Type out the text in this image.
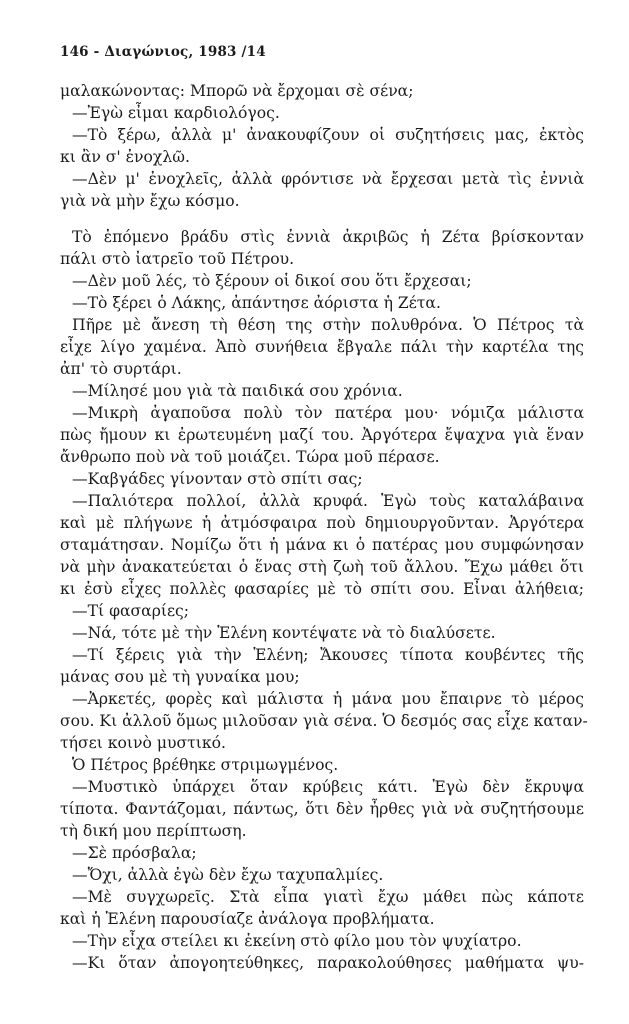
146 - Διαγώνιος, 1983 /14
μαλακώνοντας: Μπορῶ νὰ ἔρχομαι σὲ σένα;
—Ἐγὼ εἶμαι καρδιολόγος.
—Τὸ ξέρω, ἀλλὰ μ' ἀνακουφίζουν οἱ συζητήσεις μας, ἐκτὸς
κι ἂν σ' ἐνοχλῶ.
—Δὲν μ' ἐνοχλεῖς, ἀλλὰ φρόντισε νὰ ἔρχεσαι μετὰ τὶς ἐννιὰ
γιὰ νὰ μὴν ἔχω κόσμο.
Τὸ ἑπόμενο βράδυ στὶς ἐννιὰ ἀκριβῶς ἡ Ζέτα βρίσκονταν
πάλι στὸ ἰατρεῖο τοῦ Πέτρου.
—Δὲν μοῦ λές, τὸ ξέρουν οἱ δικοί σου ὅτι ἔρχεσαι;
—Τὸ ξέρει ὁ Λάκης, ἀπάντησε ἀόριστα ἡ Ζέτα.
Πῆρε μὲ ἄνεση τὴ θέση της στὴν πολυθρόνα. Ὁ Πέτρος τὰ
εἶχε λίγο χαμένα. Ἀπὸ συνήθεια ἔβγαλε πάλι τὴν καρτέλα της
ἀπ' τὸ συρτάρι.
—Μίλησέ μου γιὰ τὰ παιδικά σου χρόνια.
—Μικρὴ ἀγαποῦσα πολὺ τὸν πατέρα μου· νόμιζα μάλιστα
πὼς ἤμουν κι ἐρωτευμένη μαζί του. Ἀργότερα ἔψαχνα γιὰ ἕναν
ἄνθρωπο ποὺ νὰ τοῦ μοιάζει. Τώρα μοῦ πέρασε.
—Καβγάδες γίνονταν στὸ σπίτι σας;
—Παλιότερα πολλοί, ἀλλὰ κρυφά. Ἐγὼ τοὺς καταλάβαινα
καὶ μὲ πλήγωνε ἡ ἀτμόσφαιρα ποὺ δημιουργοῦνταν. Ἀργότερα
σταμάτησαν. Νομίζω ὅτι ἡ μάνα κι ὁ πατέρας μου συμφώνησαν
νὰ μὴν ἀνακατεύεται ὁ ἕνας στὴ ζωὴ τοῦ ἄλλου. Ἔχω μάθει ὅτι
κι ἐσὺ εἶχες πολλὲς φασαρίες μὲ τὸ σπίτι σου. Εἶναι ἀλήθεια;
—Τί φασαρίες;
—Νά, τότε μὲ τὴν Ἑλένη κοντέψατε νὰ τὸ διαλύσετε.
—Τί ξέρεις γιὰ τὴν Ἑλένη; Ἄκουσες τίποτα κουβέντες τῆς
μάνας σου μὲ τὴ γυναίκα μου;
—Ἀρκετές, φορὲς καὶ μάλιστα ἡ μάνα μου ἔπαιρνε τὸ μέρος
σου. Κι ἀλλοῦ ὅμως μιλοῦσαν γιὰ σένα. Ὁ δεσμός σας εἶχε καταν-
τήσει κοινὸ μυστικό.
Ὁ Πέτρος βρέθηκε στριμωγμένος.
—Μυστικὸ ὑπάρχει ὅταν κρύβεις κάτι. Ἐγὼ δὲν ἔκρυψα
τίποτα. Φαντάζομαι, πάντως, ὅτι δὲν ἦρθες γιὰ νὰ συζητήσουμε
τὴ δική μου περίπτωση.
—Σὲ πρόσβαλα;
—Ὄχι, ἀλλὰ ἐγὼ δὲν ἔχω ταχυπαλμίες.
—Μὲ συγχωρεῖς. Στὰ εἶπα γιατὶ ἔχω μάθει πὼς κάποτε
καὶ ἡ Ἑλένη παρουσίαζε ἀνάλογα προβλήματα.
—Τὴν εἶχα στείλει κι ἐκείνη στὸ φίλο μου τὸν ψυχίατρο.
—Κι ὅταν ἀπογοητεύθηκες, παρακολούθησες μαθήματα ψυ-
